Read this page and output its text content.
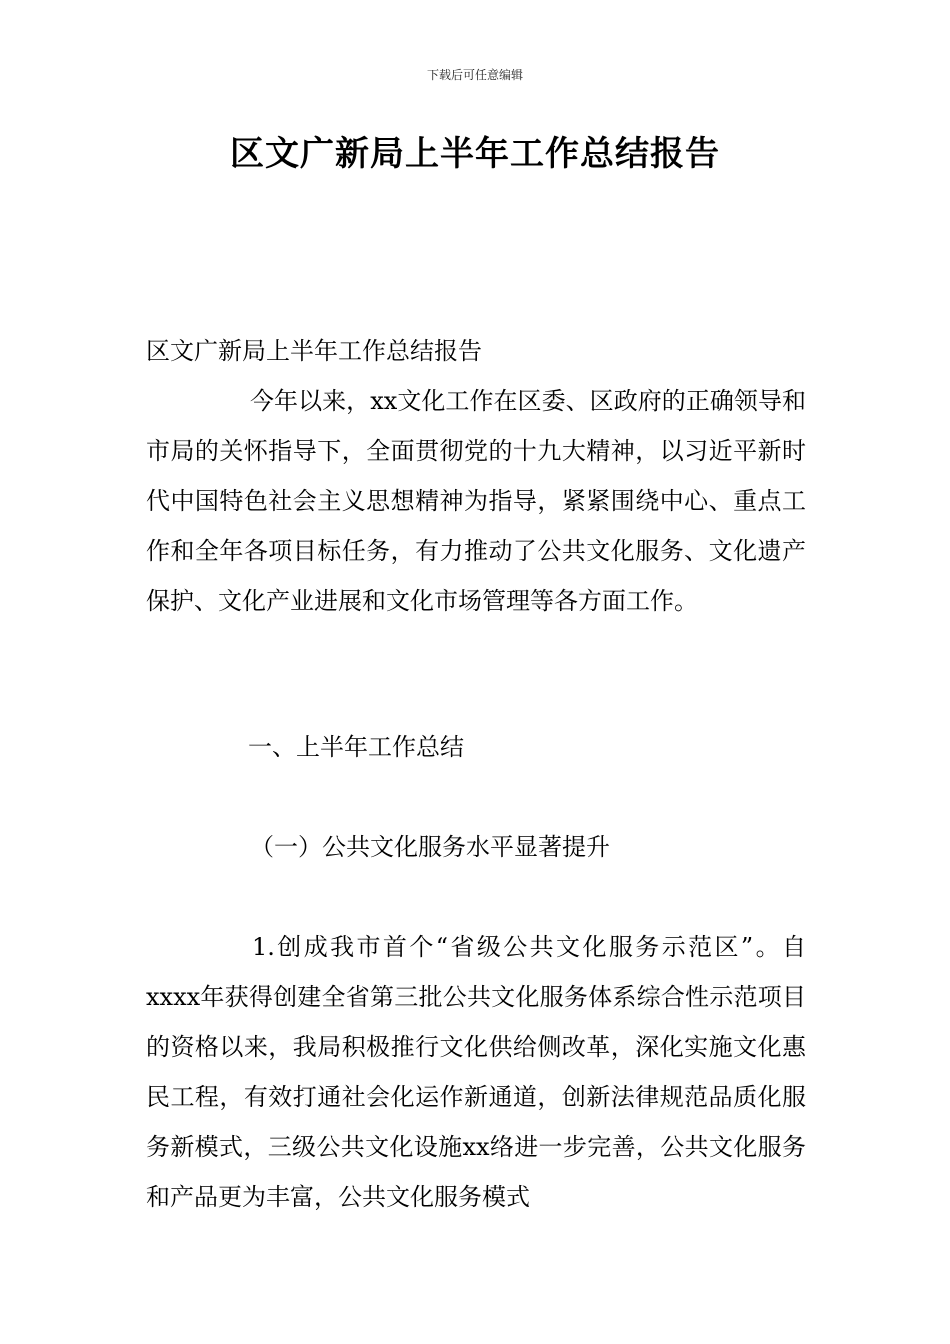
下载后可任意编辑
区文广新局上半年工作总结报告
区文广新局上半年工作总结报告
今年以来，xx文化工作在区委、区政府的正确领导和市局的关怀指导下，全面贯彻党的十九大精神，以习近平新时代中国特色社会主义思想精神为指导，紧紧围绕中心、重点工作和全年各项目标任务，有力推动了公共文化服务、文化遗产保护、文化产业进展和文化市场管理等各方面工作。
一、上半年工作总结
（一）公共文化服务水平显著提升
1.创成我市首个“省级公共文化服务示范区”。自xxxx年获得创建全省第三批公共文化服务体系综合性示范项目的资格以来，我局积极推行文化供给侧改革，深化实施文化惠民工程，有效打通社会化运作新通道，创新法律规范品质化服务新模式，三级公共文化设施xx络进一步完善，公共文化服务和产品更为丰富，公共文化服务模式
